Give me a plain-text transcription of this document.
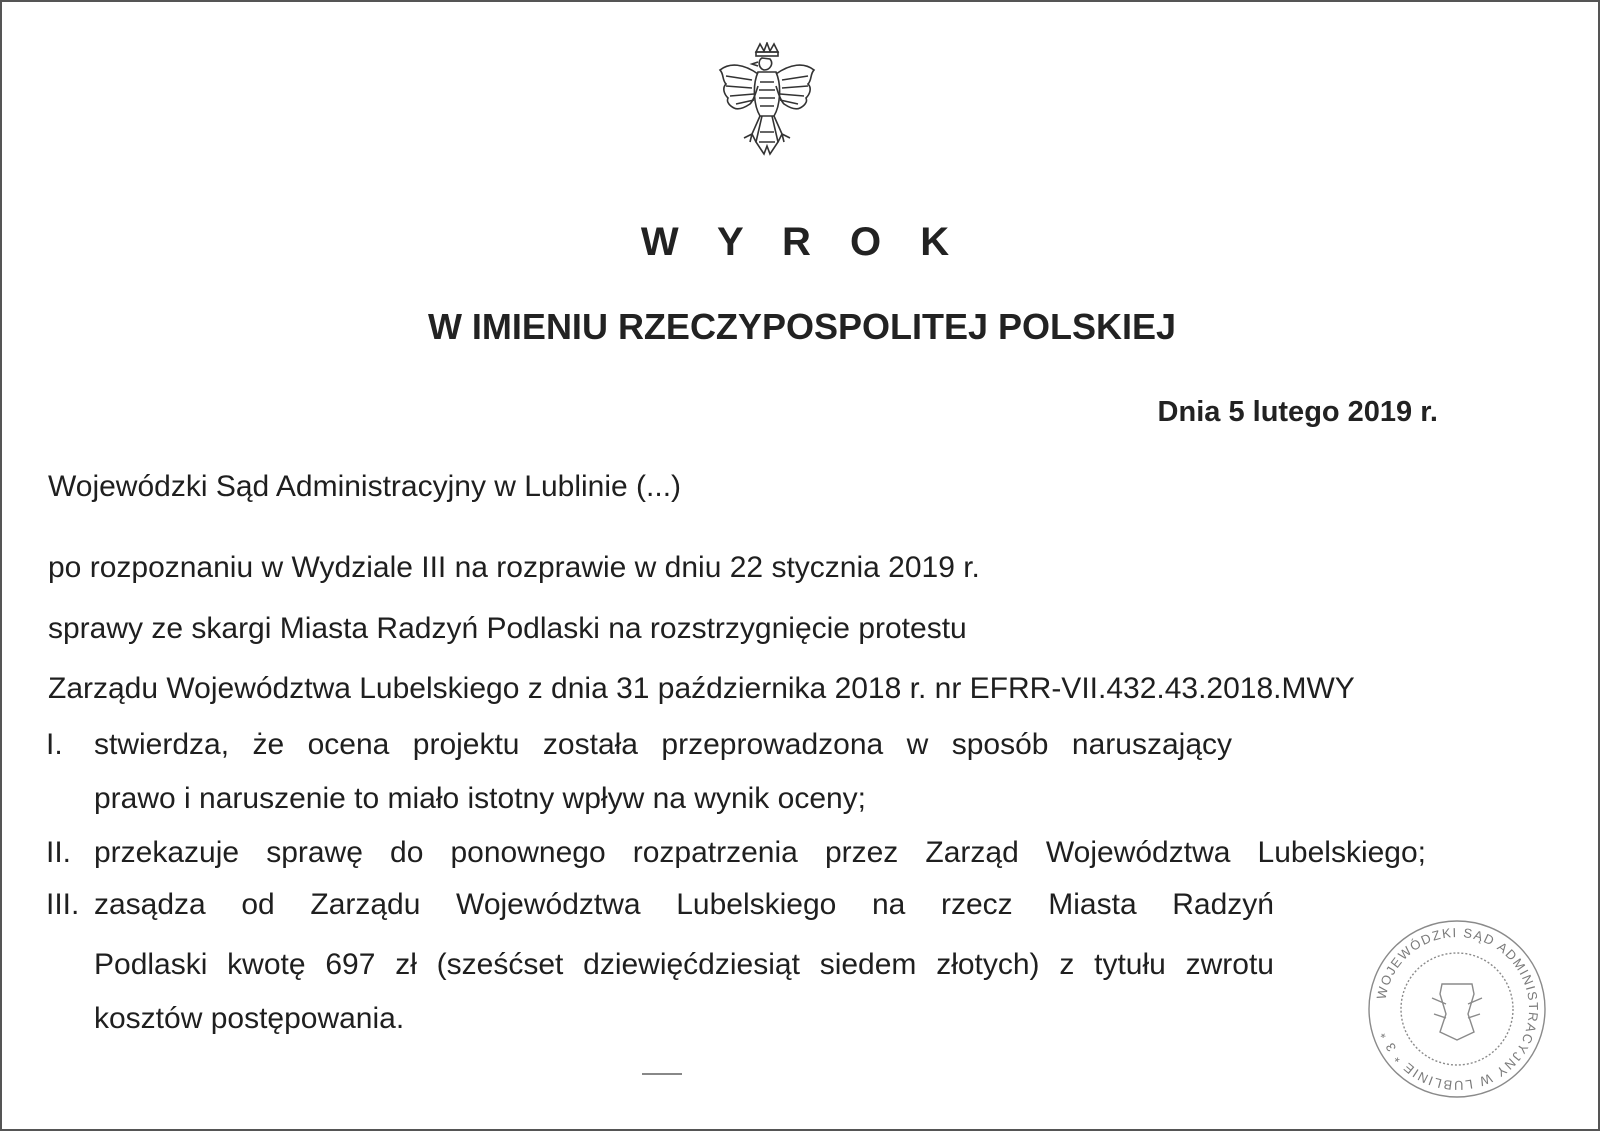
W Y R O K
W IMIENIU RZECZYPOSPOLITEJ POLSKIEJ
Dnia 5 lutego 2019 r.
Wojewódzki Sąd Administracyjny w Lublinie (...)
po rozpoznaniu w Wydziale III na rozprawie w dniu 22 stycznia 2019 r.
sprawy ze skargi Miasta Radzyń Podlaski na rozstrzygnięcie protestu
Zarządu Województwa Lubelskiego z dnia 31 października 2018 r. nr EFRR-VII.432.43.2018.MWY
I. stwierdza, że ocena projektu została przeprowadzona w sposób naruszający
prawo i naruszenie to miało istotny wpływ na wynik oceny;
II. przekazuje sprawę do ponownego rozpatrzenia przez Zarząd Województwa Lubelskiego;
III. zasądza od Zarządu Województwa Lubelskiego na rzecz Miasta Radzyń
Podlaski kwotę 697 zł (sześćset dziewięćdziesiąt siedem złotych) z tytułu zwrotu
kosztów postępowania.
WOJEWÓDZKI SĄD ADMINISTRACYJNY W LUBLINIE * 3 *
